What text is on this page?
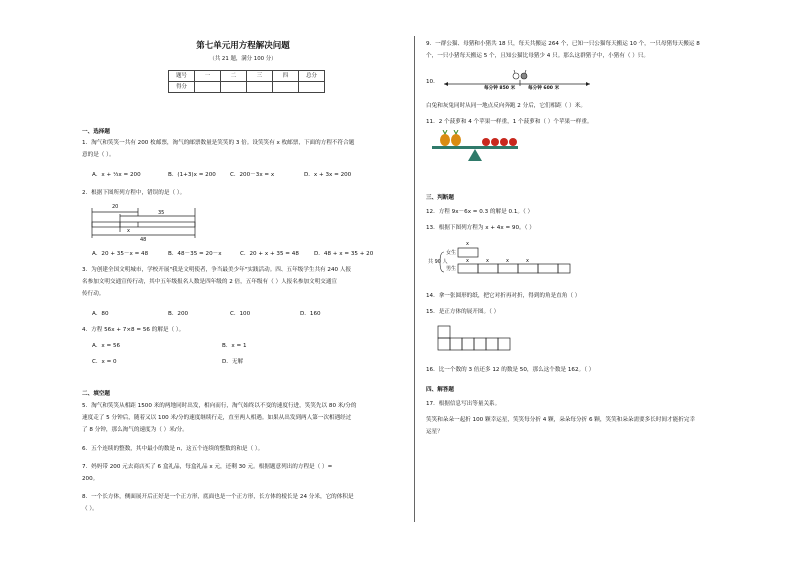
第七单元用方程解决问题
（共 21 题，满分 100 分）
题号	一	二	三	四	总分
得分					
一、选择题
1．淘气和笑笑一共有 200 枚邮票，淘气的邮票数量是笑笑的 3 倍。设笑笑有 x 枚邮票，下面的方程不符合题
意的是（ ）。
A．x + ¹⁄₃x = 200	B．(1+3)x = 200	C．200－3x = x	D．x + 3x = 200
2．根据下图所列方程中，错误的是（ ）。
20
35
x
48
A．20 + 35－x = 48	B．48－35 = 20－x	C．20 + x + 35 = 48	D．48 + x = 35 + 20
3．为创建全国文明城市，学校开展"我是文明使者，争当最美少年"实践活动。四、五年级学生共有 240 人报
名参加文明交通宣传行动，其中五年级报名人数是四年级的 2 倍，五年级有（ ）人报名参加文明交通宣
传行动。
A．80	B．200	C．100	D．160
4．方程 56x + 7×8 = 56 的解是（ ）。
A．x = 56	B．x = 1
C．x = 0	D．无解
二、填空题
5．淘气和笑笑从相距 1500 米的两地同时出发，相向而行，淘气始终以不变的速度行进，笑笑先以 80 米/分的
速度走了 5 分钟后，随着又以 100 米/分的速度继续行走，直至两人相遇。如果从出发到两人第一次相遇经过
了 8 分钟，那么淘气的速度为（ ）米/分。
6．五个连续的整数，其中最小的数是 n，这五个连续的整数的和是（ ）。
7．妈妈带 200 元去商店买了 6 盒礼品，每盒礼品 x 元，还剩 30 元。根据题意列出的方程是（ ）=
200。
8．一个长方体，侧面展开后正好是一个正方形，底面也是一个正方形，长方体的棱长是 24 分米，它的体积是
（ ）。
9．一群公猫、母猪和小猪共 18 只，每天共搬运 264 个，已知一只公猫每天搬运 10 个，一只母猪每天搬运 8
个，一只小猪每天搬运 5 个，且知公猫比母猪少 4 只。那么这群猪子中，小猪有（ ）只。
10．
每分钟 850 米	每分钟 600 米
白兔和灰兔同时从同一地点反向奔跑 2 分后，它们相距（ ）米。
11．2 个菠萝和 4 个苹果一样重，1 个菠萝和（ ）个苹果一样重。
三、判断题
12．方程 9x－6x = 0.3 的解是 0.1。（ ）
13．根据下图列方程为 x + 4x = 90。（ ）
共 90 人
女生
男生
x
x	x	x	x
14．拿一张圆形的纸，把它对折再对折，得到的角是直角（ ）
15．是正方体的展开图。（ ）
16．比一个数的 3 倍还多 12 的数是 50，那么这个数是 162。（ ）
四、解答题
17．根据信息写出等量关系。
笑笑和朵朵一起折 100 颗幸运星，笑笑每分折 4 颗，朵朵每分折 6 颗，笑笑和朵朵需要多长时间才能折完幸
运星？
